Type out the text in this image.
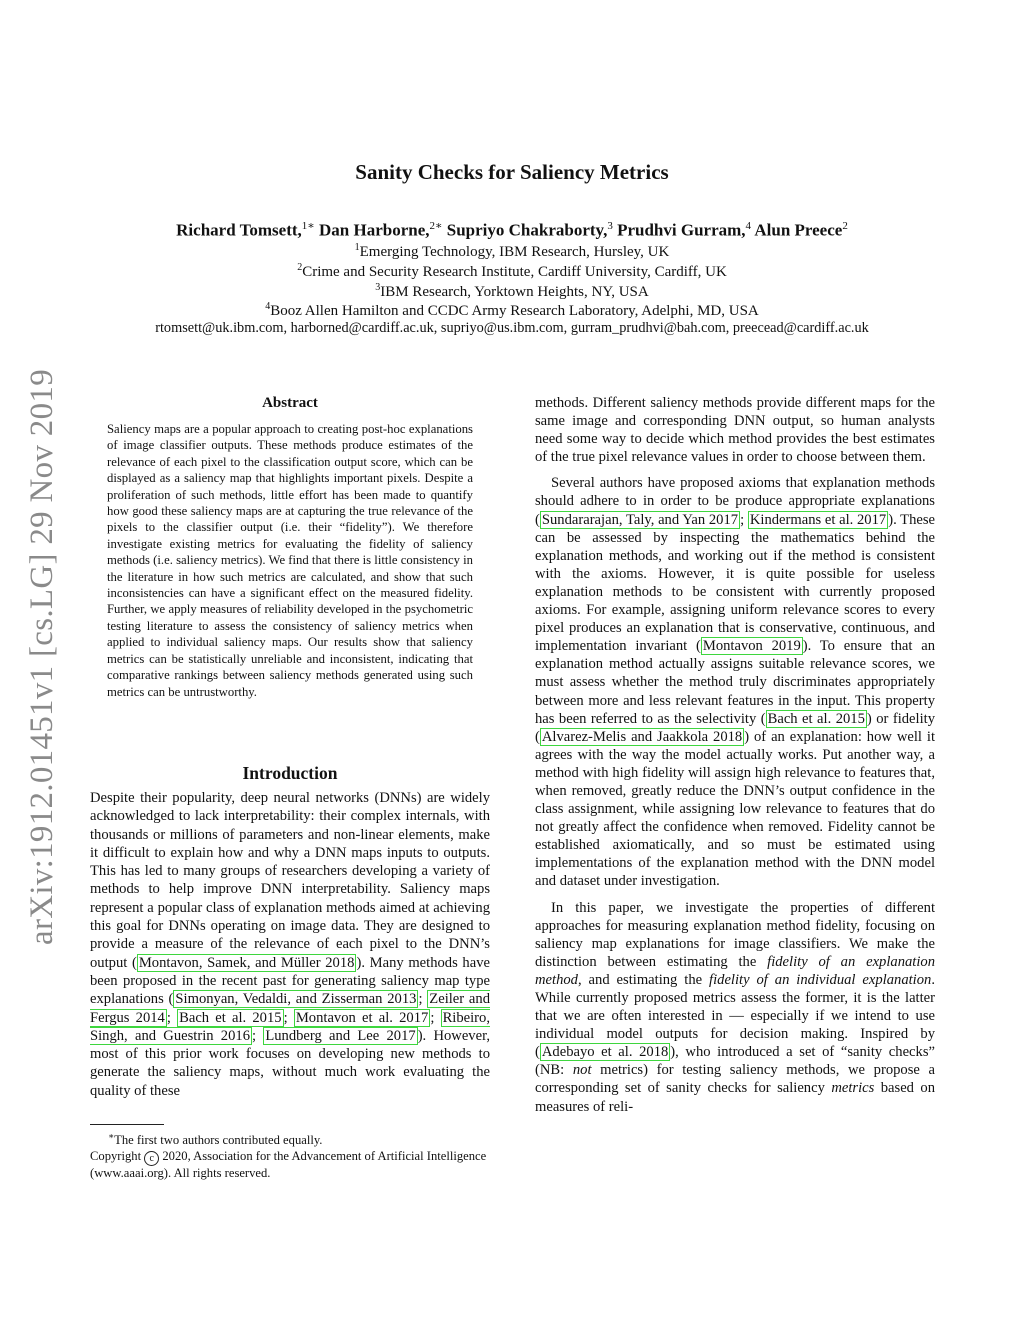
arXiv:1912.01451v1 [cs.LG] 29 Nov 2019
Sanity Checks for Saliency Metrics
Richard Tomsett,$^{1∗}$ Dan Harborne,$^{2∗}$ Supriyo Chakraborty,$^3$ Prudhvi Gurram,$^4$ Alun Preece$^2$
$^1$Emerging Technology, IBM Research, Hursley, UK
$^2$Crime and Security Research Institute, Cardiff University, Cardiff, UK
$^3$IBM Research, Yorktown Heights, NY, USA
$^4$Booz Allen Hamilton and CCDC Army Research Laboratory, Adelphi, MD, USA
rtomsett@uk.ibm.com, harborned@cardiff.ac.uk, supriyo@us.ibm.com, gurram_prudhvi@bah.com, preecead@cardiff.ac.uk
Abstract
Saliency maps are a popular approach to creating post-hoc explanations of image classifier outputs. These methods produce estimates of the relevance of each pixel to the classification output score, which can be displayed as a saliency map that highlights important pixels. Despite a proliferation of such methods, little effort has been made to quantify how good these saliency maps are at capturing the true relevance of the pixels to the classifier output (i.e. their “fidelity”). We therefore investigate existing metrics for evaluating the fidelity of saliency methods (i.e. saliency metrics). We find that there is little consistency in the literature in how such metrics are calculated, and show that such inconsistencies can have a significant effect on the measured fidelity. Further, we apply measures of reliability developed in the psychometric testing literature to assess the consistency of saliency metrics when applied to individual saliency maps. Our results show that saliency metrics can be statistically unreliable and inconsistent, indicating that comparative rankings between saliency methods generated using such metrics can be untrustworthy.
Introduction
Despite their popularity, deep neural networks (DNNs) are widely acknowledged to lack interpretability: their complex internals, with thousands or millions of parameters and non-linear elements, make it difficult to explain how and why a DNN maps inputs to outputs. This has led to many groups of researchers developing a variety of methods to help improve DNN interpretability. Saliency maps represent a popular class of explanation methods aimed at achieving this goal for DNNs operating on image data. They are designed to provide a measure of the relevance of each pixel to the DNN’s output ( Montavon, Samek, and Müller 2018 ). Many methods have been proposed in the recent past for generating saliency map type explanations ( Simonyan, Vedaldi, and Zisserman 2013 ; Zeiler and Fergus 2014 ; Bach et al. 2015 ; Montavon et al. 2017 ; Ribeiro, Singh, and Guestrin 2016 ; Lundberg and Lee 2017 ). However, most of this prior work focuses on developing new methods to generate the saliency maps, without much work evaluating the quality of these
∗The first two authors contributed equally.
Copyright c 2020, Association for the Advancement of Artificial Intelligence (www.aaai.org). All rights reserved.

methods. Different saliency methods provide different maps for the same image and corresponding DNN output, so human analysts need some way to decide which method provides the best estimates of the true pixel relevance values in order to choose between them.

Several authors have proposed axioms that explanation methods should adhere to in order to be produce appropriate explanations ( Sundararajan, Taly, and Yan 2017 ; Kindermans et al. 2017 ). These can be assessed by inspecting the mathematics behind the explanation methods, and working out if the method is consistent with the axioms. However, it is quite possible for useless explanation methods to be consistent with currently proposed axioms. For example, assigning uniform relevance scores to every pixel produces an explanation that is conservative, continuous, and implementation invariant ( Montavon 2019 ). To ensure that an explanation method actually assigns suitable relevance scores, we must assess whether the method truly discriminates appropriately between more and less relevant features in the input. This property has been referred to as the selectivity ( Bach et al. 2015 ) or fidelity ( Alvarez-Melis and Jaakkola 2018 ) of an explanation: how well it agrees with the way the model actually works. Put another way, a method with high fidelity will assign high relevance to features that, when removed, greatly reduce the DNN’s output confidence in the class assignment, while assigning low relevance to features that do not greatly affect the confidence when removed. Fidelity cannot be established axiomatically, and so must be estimated using implementations of the explanation method with the DNN model and dataset under investigation.

In this paper, we investigate the properties of different approaches for measuring explanation method fidelity, focusing on saliency map explanations for image classifiers. We make the distinction between estimating the fidelity of an explanation method, and estimating the fidelity of an individual explanation. While currently proposed metrics assess the former, it is the latter that we are often interested in — especially if we intend to use individual model outputs for decision making. Inspired by ( Adebayo et al. 2018 ), who introduced a set of “sanity checks” (NB: not metrics) for testing saliency methods, we propose a corresponding set of sanity checks for saliency metrics based on measures of reli-
